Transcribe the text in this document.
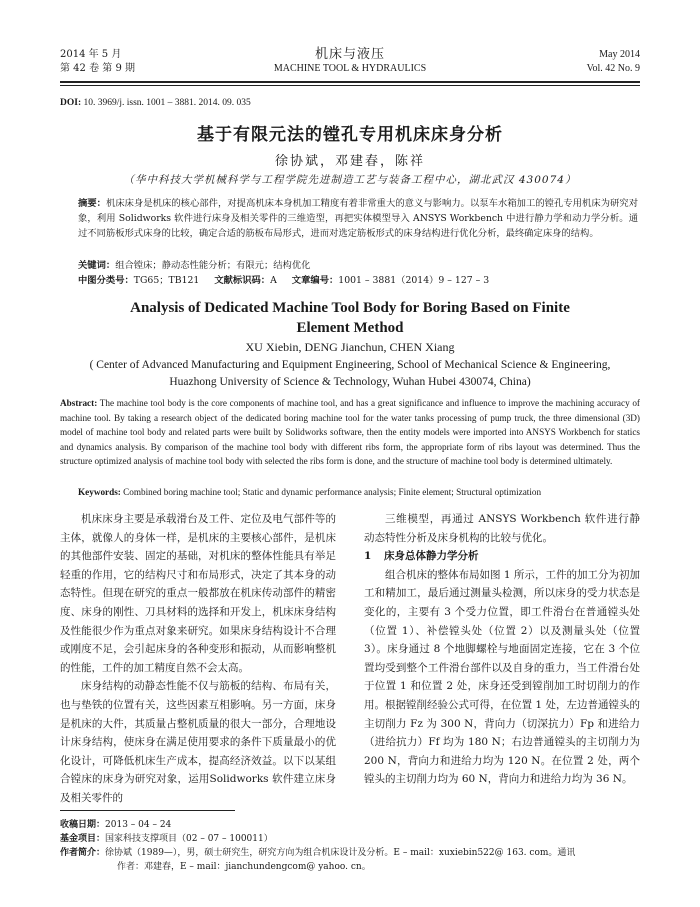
2014 年 5 月
第 42 卷 第 9 期
机床与液压
MACHINE TOOL & HYDRAULICS
May 2014
Vol. 42 No. 9
DOI: 10. 3969/j. issn. 1001 – 3881. 2014. 09. 035
基于有限元法的镗孔专用机床床身分析
徐协斌，邓建春，陈祥
（华中科技大学机械科学与工程学院先进制造工艺与装备工程中心，湖北武汉 430074）
摘要：机床床身是机床的核心部件，对提高机床本身机加工精度有着非常重大的意义与影响力。以泵车水箱加工的镗孔专用机床为研究对象，利用 Solidworks 软件进行床身及相关零件的三维造型，再把实体模型导入 ANSYS Workbench 中进行静力学和动力学分析。通过不同筋板形式床身的比较，确定合适的筋板布局形式，进而对选定筋板形式的床身结构进行优化分析，最终确定床身的结构。
关键词：组合镗床；静动态性能分析；有限元；结构优化
中图分类号：TG65；TB121 文献标识码：A 文章编号：1001 – 3881（2014）9 – 127 – 3
Analysis of Dedicated Machine Tool Body for Boring Based on Finite
Element Method
XU Xiebin, DENG Jianchun, CHEN Xiang
( Center of Advanced Manufacturing and Equipment Engineering, School of Mechanical Science & Engineering,
Huazhong University of Science & Technology, Wuhan Hubei 430074, China)
Abstract: The machine tool body is the core components of machine tool, and has a great significance and influence to improve the machining accuracy of machine tool. By taking a research object of the dedicated boring machine tool for the water tanks processing of pump truck, the three dimensional (3D) model of machine tool body and related parts were built by Solidworks software, then the entity models were imported into ANSYS Workbench for statics and dynamics analysis. By comparison of the machine tool body with different ribs form, the appropriate form of ribs layout was determined. Thus the structure optimized analysis of machine tool body with selected the ribs form is done, and the structure of machine tool body is determined ultimately.
Keywords: Combined boring machine tool; Static and dynamic performance analysis; Finite element; Structural optimization

机床床身主要是承载滑台及工件、定位及电气部件等的主体，就像人的身体一样，是机床的主要核心部件，是机床的其他部件安装、固定的基础，对机床的整体性能具有举足轻重的作用，它的结构尺寸和布局形式，决定了其本身的动态特性。但现在研究的重点一般都放在机床传动部件的精密度、床身的刚性、刀具材料的选择和开发上，机床床身结构及性能很少作为重点对象来研究。如果床身结构设计不合理或刚度不足，会引起床身的各种变形和振动，从而影响整机的性能，工件的加工精度自然不会太高。

床身结构的动静态性能不仅与筋板的结构、布局有关，也与垫铁的位置有关，这些因素互相影响。另一方面，床身是机床的大件，其质量占整机质量的很大一部分，合理地设计床身结构，使床身在满足使用要求的条件下质量最小的优化设计，可降低机床生产成本，提高经济效益。以下以某组合镗床的床身为研究对象，运用Solidworks 软件建立床身及相关零件的

三维模型，再通过 ANSYS Workbench 软件进行静动态特性分析及床身机构的比较与优化。

1 床身总体静力学分析

组合机床的整体布局如图 1 所示，工件的加工分为初加工和精加工，最后通过测量头检测，所以床身的受力状态是变化的，主要有 3 个受力位置，即工件滑台在普通镗头处（位置 1）、补偿镗头处（位置 2）以及测量头处（位置 3）。床身通过 8 个地脚螺栓与地面固定连接，它在 3 个位置均受到整个工件滑台部件以及自身的重力，当工件滑台处于位置 1 和位置 2 处，床身还受到镗削加工时切削力的作用。根据镗削经验公式可得，在位置 1 处，左边普通镗头的主切削力 Fz 为 300 N，背向力（切深抗力）Fp 和进给力（进给抗力）Ff 均为 180 N；右边普通镗头的主切削力为 200 N，背向力和进给力均为 120 N。在位置 2 处，两个镗头的主切削力均为 60 N，背向力和进给力均为 36 N。

收稿日期：2013 – 04 – 24
基金项目：国家科技支撑项目（02 – 07 – 100011）
作者简介：徐协斌（1989—），男，硕士研究生，研究方向为组合机床设计及分析。E – mail：xuxiebin522@ 163. com。通讯
作者：邓建春，E – mail：jianchundengcom@ yahoo. cn。
